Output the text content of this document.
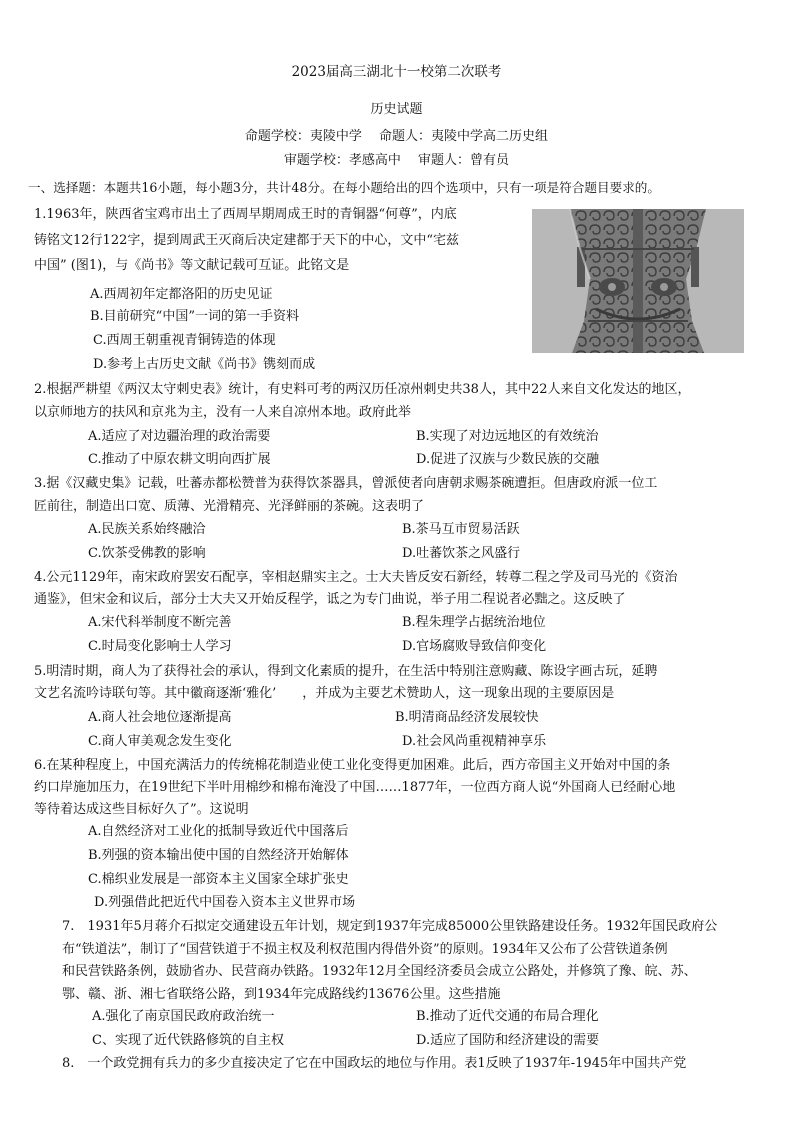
2023届高三湖北十一校第二次联考
历史试题
命题学校：夷陵中学　 命题人：夷陵中学高二历史组
审题学校：孝感高中　 审题人：曾有员
一、选择题：本题共16小题，每小题3分，共计48分。在每小题给出的四个选项中，只有一项是符合题目要求的。
1.1963年，陕西省宝鸡市出土了西周早期周成王时的青铜器“何尊”，内底
铸铭文12行122字，提到周武王灭商后决定建都于天下的中心，文中“宅兹
中国” (图1)，与《尚书》等文献记载可互证。此铭文是
A.西周初年定都洛阳的历史见证
B.目前研究“中国”一词的第一手资料
C.西周王朝重视青铜铸造的体现
D.参考上古历史文献《尚书》镌刻而成
2.根据严耕望《两汉太守刺史表》统计，有史料可考的两汉历任凉州刺史共38人，其中22人来自文化发达的地区，
以京师地方的扶风和京兆为主，没有一人来自凉州本地。政府此举
A.适应了对边疆治理的政治需要	B.实现了对边远地区的有效统治
C.推动了中原农耕文明向西扩展	D.促进了汉族与少数民族的交融
3.据《汉藏史集》记载，吐蕃赤都松赞普为获得饮茶器具，曾派使者向唐朝求赐茶碗遭拒。但唐政府派一位工
匠前往，制造出口宽、质薄、光滑精亮、光泽鲜丽的茶碗。这表明了
A.民族关系始终融洽	B.茶马互市贸易活跃
C.饮茶受佛教的影响	D.吐蕃饮茶之风盛行
4.公元1129年，南宋政府罢安石配享，宰相赵鼎实主之。士大夫皆反安石新经，转尊二程之学及司马光的《资治
通鉴》，但宋金和议后，部分士大夫又开始反程学，诋之为专门曲说，举子用二程说者必黜之。这反映了
A.宋代科举制度不断完善	B.程朱理学占据统治地位
C.时局变化影响士人学习	D.官场腐败导致信仰变化
5.明清时期，商人为了获得社会的承认，得到文化素质的提升，在生活中特别注意购藏、陈设字画古玩，延聘
文艺名流吟诗联句等。其中徽商逐渐‘雅化’　　，并成为主要艺术赞助人，这一现象出现的主要原因是
A.商人社会地位逐渐提高	B.明清商品经济发展较快
C.商人审美观念发生变化	D.社会风尚重视精神享乐
6.在某种程度上，中国充满活力的传统棉花制造业使工业化变得更加困难。此后，西方帝国主义开始对中国的条
约口岸施加压力，在19世纪下半叶用棉纱和棉布淹没了中国……1877年，一位西方商人说“外国商人已经耐心地
等待着达成这些目标好久了”。这说明
A.自然经济对工业化的抵制导致近代中国落后
B.列强的资本输出使中国的自然经济开始解体
C.棉织业发展是一部资本主义国家全球扩张史
D.列强借此把近代中国卷入资本主义世界市场
7.　1931年5月蒋介石拟定交通建设五年计划，规定到1937年完成85000公里铁路建设任务。1932年国民政府公
布“铁道法”，制订了“国营铁道于不损主权及利权范围内得借外资”的原则。1934年又公布了公营铁道条例
和民营铁路条例，鼓励省办、民营商办铁路。1932年12月全国经济委员会成立公路处，并修筑了豫、皖、苏、
鄂、赣、浙、湘七省联络公路，到1934年完成路线约13676公里。这些措施
A.强化了南京国民政府政治统一	B.推动了近代交通的布局合理化
C、实现了近代铁路修筑的自主权	D.适应了国防和经济建设的需要
8.　一个政党拥有兵力的多少直接决定了它在中国政坛的地位与作用。表1反映了1937年-1945年中国共产党
